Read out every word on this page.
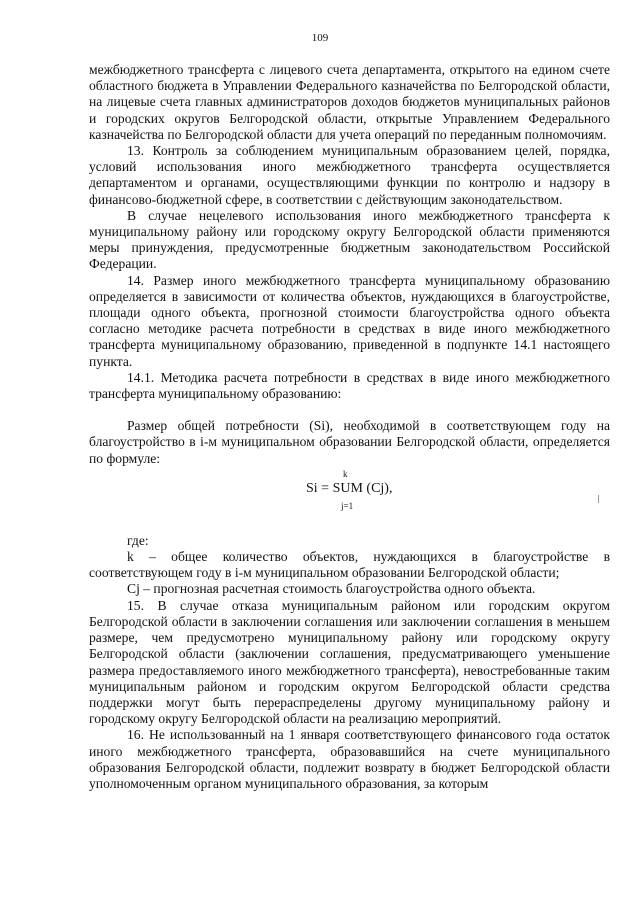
109

межбюджетного трансферта с лицевого счета департамента, открытого на едином счете областного бюджета в Управлении Федерального казначейства по Белгородской области, на лицевые счета главных администраторов доходов бюджетов муниципальных районов и городских округов Белгородской области, открытые Управлением Федерального казначейства по Белгородской области для учета операций по переданным полномочиям.

13. Контроль за соблюдением муниципальным образованием целей, порядка, условий использования иного межбюджетного трансферта осуществляется департаментом и органами, осуществляющими функции по контролю и надзору в финансово-бюджетной сфере, в соответствии с действующим законодательством.

В случае нецелевого использования иного межбюджетного трансферта к муниципальному району или городскому округу Белгородской области применяются меры принуждения, предусмотренные бюджетным законодательством Российской Федерации.

14. Размер иного межбюджетного трансферта муниципальному образованию определяется в зависимости от количества объектов, нуждающихся в благоустройстве, площади одного объекта, прогнозной стоимости благоустройства одного объекта согласно методике расчета потребности в средствах в виде иного межбюджетного трансферта муниципальному образованию, приведенной в подпункте 14.1 настоящего пункта.

14.1. Методика расчета потребности в средствах в виде иного межбюджетного трансферта муниципальному образованию:

Размер общей потребности (Si), необходимой в соответствующем году на благоустройство в i-м муниципальном образовании Белгородской области, определяется по формуле:

k
Si = SUM (Cj),
j=1

где:

k – общее количество объектов, нуждающихся в благоустройстве в соответствующем году в i-м муниципальном образовании Белгородской области;

Cj – прогнозная расчетная стоимость благоустройства одного объекта.

15. В случае отказа муниципальным районом или городским округом Белгородской области в заключении соглашения или заключении соглашения в меньшем размере, чем предусмотрено муниципальному району или городскому округу Белгородской области (заключении соглашения, предусматривающего уменьшение размера предоставляемого иного межбюджетного трансферта), невостребованные таким муниципальным районом и городским округом Белгородской области средства поддержки могут быть перераспределены другому муниципальному району и городскому округу Белгородской области на реализацию мероприятий.

16. Не использованный на 1 января соответствующего финансового года остаток иного межбюджетного трансферта, образовавшийся на счете муниципального образования Белгородской области, подлежит возврату в бюджет Белгородской области уполномоченным органом муниципального образования, за которым
